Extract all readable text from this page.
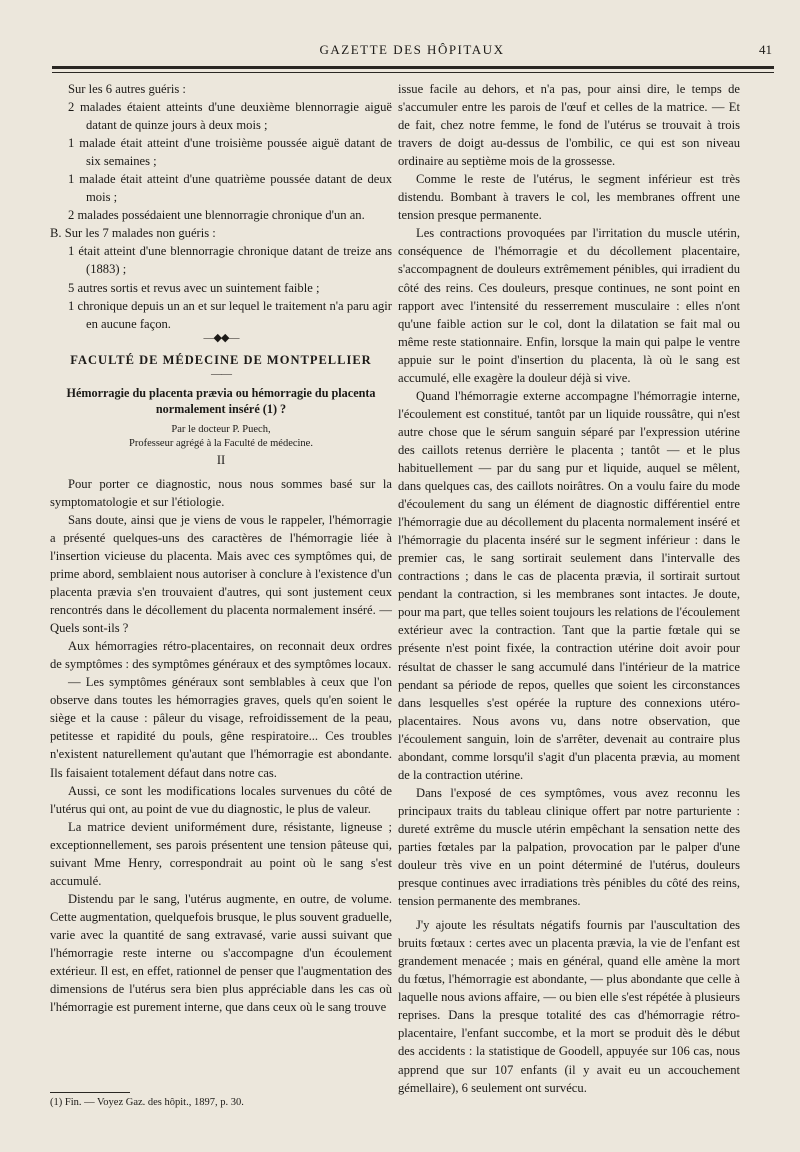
GAZETTE DES HÔPITAUX	41

Sur les 6 autres guéris :

2 malades étaient atteints d'une deuxième blennorragie aiguë datant de quinze jours à deux mois ;

1 malade était atteint d'une troisième poussée aiguë datant de six semaines ;

1 malade était atteint d'une quatrième poussée datant de deux mois ;

2 malades possédaient une blennorragie chronique d'un an.

B. Sur les 7 malades non guéris :

1 était atteint d'une blennorragie chronique datant de treize ans (1883) ;

5 autres sortis et revus avec un suintement faible ;

1 chronique depuis un an et sur lequel le traitement n'a paru agir en aucune façon.

—◆◆—

FACULTÉ DE MÉDECINE DE MONTPELLIER

——

Hémorragie du placenta prævia ou hémorragie du placenta normalement inséré (1) ?

Par le docteur P. Puech,

Professeur agrégé à la Faculté de médecine.

II

Pour porter ce diagnostic, nous nous sommes basé sur la symptomatologie et sur l'étiologie.

Sans doute, ainsi que je viens de vous le rappeler, l'hémorragie a présenté quelques-uns des caractères de l'hémorragie liée à l'insertion vicieuse du placenta. Mais avec ces symptômes qui, de prime abord, semblaient nous autoriser à conclure à l'existence d'un placenta prævia s'en trouvaient d'autres, qui sont justement ceux rencontrés dans le décollement du placenta normalement inséré. — Quels sont-ils ?

Aux hémorragies rétro-placentaires, on reconnait deux ordres de symptômes : des symptômes généraux et des symptômes locaux.

— Les symptômes généraux sont semblables à ceux que l'on observe dans toutes les hémorragies graves, quels qu'en soient le siège et la cause : pâleur du visage, refroidissement de la peau, petitesse et rapidité du pouls, gêne respiratoire... Ces troubles n'existent naturellement qu'autant que l'hémorragie est abondante. Ils faisaient totalement défaut dans notre cas.

Aussi, ce sont les modifications locales survenues du côté de l'utérus qui ont, au point de vue du diagnostic, le plus de valeur.

La matrice devient uniformément dure, résistante, ligneuse ; exceptionnellement, ses parois présentent une tension pâteuse qui, suivant Mme Henry, correspondrait au point où le sang s'est accumulé.

Distendu par le sang, l'utérus augmente, en outre, de volume. Cette augmentation, quelquefois brusque, le plus souvent graduelle, varie avec la quantité de sang extravasé, varie aussi suivant que l'hémorragie reste interne ou s'accompagne d'un écoulement extérieur. Il est, en effet, rationnel de penser que l'augmentation des dimensions de l'utérus sera bien plus appréciable dans les cas où l'hémorragie est purement interne, que dans ceux où le sang trouve

(1) Fin. — Voyez Gaz. des hôpit., 1897, p. 30.

issue facile au dehors, et n'a pas, pour ainsi dire, le temps de s'accumuler entre les parois de l'œuf et celles de la matrice. — Et de fait, chez notre femme, le fond de l'utérus se trouvait à trois travers de doigt au-dessus de l'ombilic, ce qui est son niveau ordinaire au septième mois de la grossesse.

Comme le reste de l'utérus, le segment inférieur est très distendu. Bombant à travers le col, les membranes offrent une tension presque permanente.

Les contractions provoquées par l'irritation du muscle utérin, conséquence de l'hémorragie et du décollement placentaire, s'accompagnent de douleurs extrêmement pénibles, qui irradient du côté des reins. Ces douleurs, presque continues, ne sont point en rapport avec l'intensité du resserrement musculaire : elles n'ont qu'une faible action sur le col, dont la dilatation se fait mal ou même reste stationnaire. Enfin, lorsque la main qui palpe le ventre appuie sur le point d'insertion du placenta, là où le sang est accumulé, elle exagère la douleur déjà si vive.

Quand l'hémorragie externe accompagne l'hémorragie interne, l'écoulement est constitué, tantôt par un liquide roussâtre, qui n'est autre chose que le sérum sanguin séparé par l'expression utérine des caillots retenus derrière le placenta ; tantôt — et le plus habituellement — par du sang pur et liquide, auquel se mêlent, dans quelques cas, des caillots noirâtres. On a voulu faire du mode d'écoulement du sang un élément de diagnostic différentiel entre l'hémorragie due au décollement du placenta normalement inséré et l'hémorragie du placenta inséré sur le segment inférieur : dans le premier cas, le sang sortirait seulement dans l'intervalle des contractions ; dans le cas de placenta prævia, il sortirait surtout pendant la contraction, si les membranes sont intactes. Je doute, pour ma part, que telles soient toujours les relations de l'écoulement extérieur avec la contraction. Tant que la partie fœtale qui se présente n'est point fixée, la contraction utérine doit avoir pour résultat de chasser le sang accumulé dans l'intérieur de la matrice pendant sa période de repos, quelles que soient les circonstances dans lesquelles s'est opérée la rupture des connexions utéro-placentaires. Nous avons vu, dans notre observation, que l'écoulement sanguin, loin de s'arrêter, devenait au contraire plus abondant, comme lorsqu'il s'agit d'un placenta prævia, au moment de la contraction utérine.

Dans l'exposé de ces symptômes, vous avez reconnu les principaux traits du tableau clinique offert par notre parturiente : dureté extrême du muscle utérin empêchant la sensation nette des parties fœtales par la palpation, provocation par le palper d'une douleur très vive en un point déterminé de l'utérus, douleurs presque continues avec irradiations très pénibles du côté des reins, tension permanente des membranes.

J'y ajoute les résultats négatifs fournis par l'auscultation des bruits fœtaux : certes avec un placenta prævia, la vie de l'enfant est grandement menacée ; mais en général, quand elle amène la mort du fœtus, l'hémorragie est abondante, — plus abondante que celle à laquelle nous avions affaire, — ou bien elle s'est répétée à plusieurs reprises. Dans la presque totalité des cas d'hémorragie rétro-placentaire, l'enfant succombe, et la mort se produit dès le début des accidents : la statistique de Goodell, appuyée sur 106 cas, nous apprend que sur 107 enfants (il y avait eu un accouchement gémellaire), 6 seulement ont survécu.
